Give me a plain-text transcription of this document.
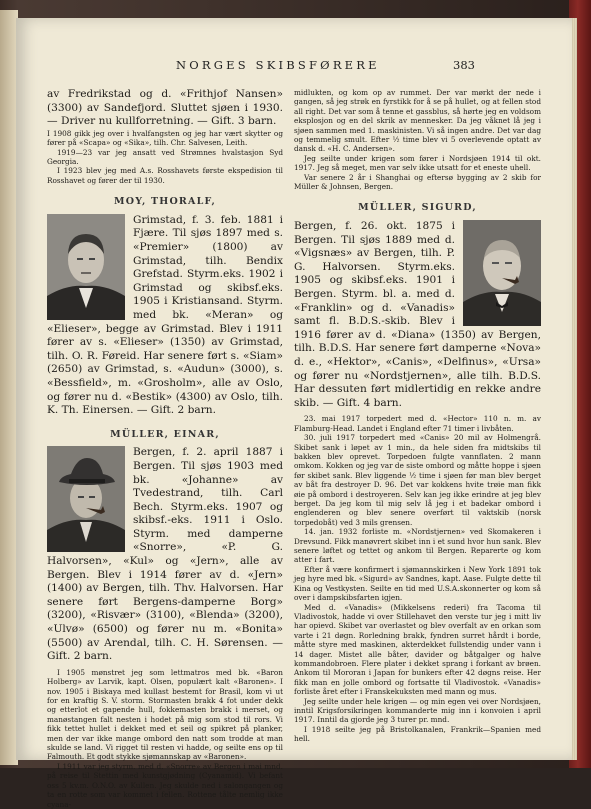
NORGES SKIBSFØRERE	383

av Fredrikstad og d. «Frithjof Nansen» (3300) av Sandefjord. Sluttet sjøen i 1930. — Driver nu kullforretning. — Gift. 3 barn.

I 1908 gikk jeg over i hvalfangsten og jeg har vært skytter og fører på «Scapa» og «Sika», tilh. Chr. Salvesen, Leith.

1919—23 var jeg ansatt ved Strømnes hvalstasjon Syd Georgia.

I 1923 blev jeg med A.s. Rosshavets første ekspedision til Rosshavet og fører der til 1930.

MOY, THORALF,

Grimstad, f. 3. feb. 1881 i Fjære. Til sjøs 1897 med s. «Premier» (1800) av Grimstad, tilh. Bendix Grefstad. Styrm.eks. 1902 i Grimstad og skibsf.eks. 1905 i Kristiansand. Styrm. med bk. «Meran» og «Elieser», begge av Grimstad. Blev i 1911 fører av s. «Elieser» (1350) av Grimstad, tilh. O. R. Føreid. Har senere ført s. «Siam» (2650) av Grimstad, s. «Audun» (3000), s. «Bessfield», m. «Grosholm», alle av Oslo, og fører nu d. «Bestik» (4300) av Oslo, tilh. K. Th. Einersen. — Gift. 2 barn.

MÜLLER, EINAR,

Bergen, f. 2. april 1887 i Bergen. Til sjøs 1903 med bk. «Johanne» av Tvedestrand, tilh. Carl Bech. Styrm.eks. 1907 og skibsf.-eks. 1911 i Oslo. Styrm. med damperne «Snorre», «P. G. Halvorsen», «Kul» og «Jern», alle av Bergen. Blev i 1914 fører av d. «Jern» (1400) av Bergen, tilh. Thv. Halvorsen. Har senere ført Bergens-damperne Borg» (3200), «Risvær» (3100), «Blenda» (3200), «Ulvø» (6500) og fører nu m. «Bonita» (5500) av Arendal, tilh. C. H. Sørensen. — Gift. 2 barn.

I 1905 mønstret jeg som lettmatros med bk. «Baron Holberg» av Larvik, kapt. Olsen, populært kalt «Baronen». I nov. 1905 i Biskaya med kullast bestemt for Brasil, kom vi ut for en kraftig S. V. storm. Stormasten brakk 4 fot under dekk og etterlot et gapende hull, fokkemasten brakk i merset, og manøstangen falt nesten i hodet på mig som stod til rors. Vi fikk tettet hullet i dekket med et seil og spikret på planker, men der var ikke mange ombord den natt som trodde at man skulde se land. Vi rigget til resten vi hadde, og seilte ens op til Falmouth. Et godt stykke sjømannskap av «Baronen».

I 1911 var jeg styrm. med d. «Snorre» av Bergen i mai mnd. på reise til Stettin med kunstgjødning (Cyanamid). Vi befant oss 5 kv.m. O.N.O. av Kullen. Jeg skulde ned i salongangen og ta en rotte som var kommet i fellen. Rottene tålte nemlig ikke cyana-

midlukten, og kom op av rummet. Der var mørkt der nede i gangen, så jeg strøk en fyrstikk for å se på hullet, og at fellen stod all right. Det var som å tenne et gassblus, så hørte jeg en voldsom eksplosjon og en del skrik av mennesker. Da jeg våknet lå jeg i sjøen sammen med 1. maskinisten. Vi så ingen andre. Det var dag og temmelig smult. Efter ½ time blev vi 5 overlevende optatt av dansk d. «H. C. Andersen».

Jeg seilte under krigen som fører i Nordsjøen 1914 til okt. 1917. Jeg så meget, men var selv ikke utsatt for et eneste uhell.

Var senere 2 år i Shanghai og eftersø bygging av 2 skib for Müller & Johnsen, Bergen.

MÜLLER, SIGURD,

Bergen, f. 26. okt. 1875 i Bergen. Til sjøs 1889 med d. «Vigsnæs» av Bergen, tilh. P. G. Halvorsen. Styrm.eks. 1905 og skibsf.eks. 1901 i Bergen. Styrm. bl. a. med d. «Franklin» og d. «Vanadis» samt fl. B.D.S.-skib. Blev i 1916 fører av d. «Diana» (1350) av Bergen, tilh. B.D.S. Har senere ført damperne «Nova» d. e., «Hektor», «Canis», «Delfinus», «Ursa» og fører nu «Nordstjernen», alle tilh. B.D.S. Har dessuten ført midlertidig en rekke andre skib. — Gift. 4 barn.

23. mai 1917 torpedert med d. «Hector» 110 n. m. av Flamburg-Head. Landet i England efter 71 timer i livbåten.

30. juli 1917 torpedert med «Canis» 20 mil av Holmengrå. Skibet sank i løpet av 1 min., da hele siden fra midtskibs til bakken blev oprevet. Torpedoen fulgte vannflaten. 2 mann omkom. Kokken og jeg var de siste ombord og måtte hoppe i sjøen før skibet sank. Blev liggende ½ time i sjøen før man blev berget av båt fra destroyer D. 96. Det var kokkens hvite trøie man fikk øie på ombord i destroyeren. Selv kan jeg ikke erindre at jeg blev berget. Da jeg kom til mig selv lå jeg i et badekar ombord i englenderen og blev senere overført til vaktskib (norsk torpedobåt) ved 3 mils grensen.

14. jan. 1932 forliste m. «Nordstjernen» ved Skomakeren i Drevsund. Fikk manøvrert skibet inn i et sund hvor hun sank. Blev senere løftet og tettet og ankom til Bergen. Reparerte og kom atter i fart.

Efter å være konfirmert i sjømannskirken i New York 1891 tok jeg hyre med bk. «Sigurd» av Sandnes, kapt. Aase. Fulgte dette til Kina og Vestkysten. Seilte en tid med U.S.A.skonnerter og kom så over i dampskibsfarten igjen.

Med d. «Vanadis» (Mikkelsens rederi) fra Tacoma til Vladivostok, hadde vi over Stillehavet den verste tur jeg i mitt liv har opievd. Skibet var overlastet og blev overfalt av en orkan som varte i 21 døgn. Rorledning brakk, fyndren surret hårdt i borde, måtte styre med maskinen, akterdekket fullstendig under vann i 14 dager. Mistet alle båter, davider og båtgalger og halve kommandobroen. Flere plater i dekket sprang i forkant av brøen. Ankom til Mororan i Japan for bunkers efter 42 døgns reise. Her fikk man en jolle ombord og fortsatte til Vladivostok. «Vanadis» forliste året efter i Franskekuksten med mann og mus.

Jeg seilte under hele krigen — og min egen vei over Nordsjøen, inntil Krigsforsikringen kommanderte mig inn i konvoien i april 1917. Inntil da gjorde jeg 3 turer pr. mnd.

I 1918 seilte jeg på Bristolkanalen, Frankrik—Spanien med hell.
